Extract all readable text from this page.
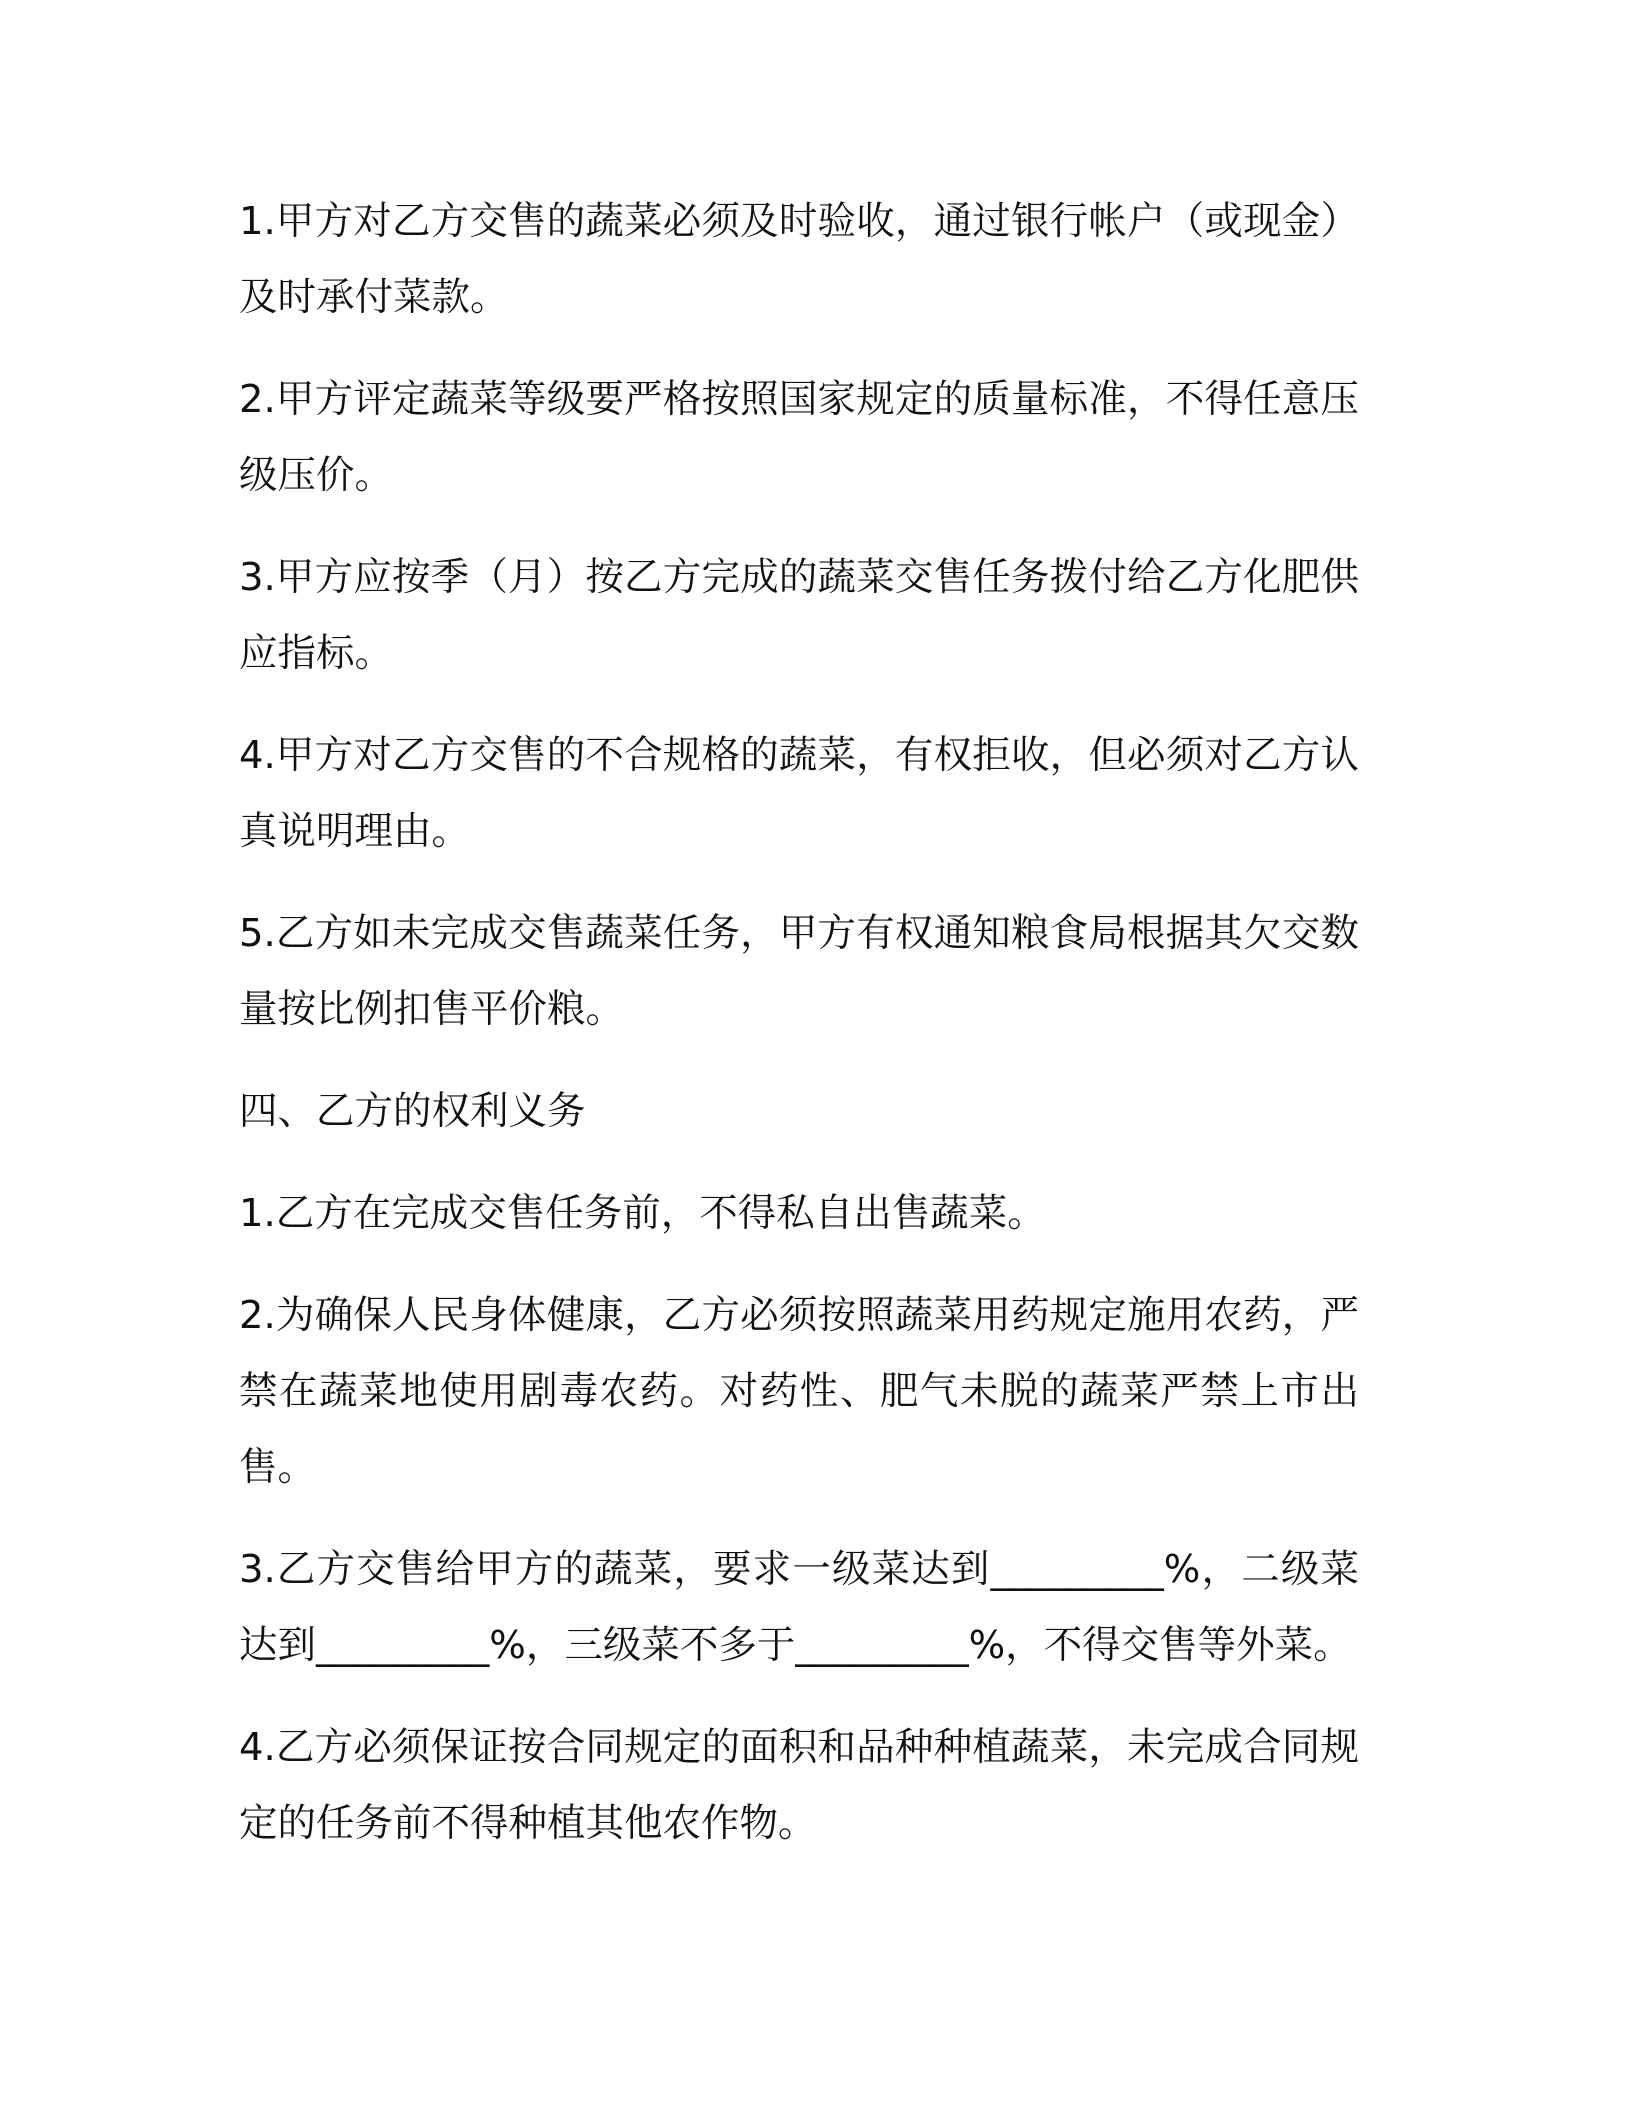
1.甲方对乙方交售的蔬菜必须及时验收，通过银行帐户（或现金）及时承付菜款。

2.甲方评定蔬菜等级要严格按照国家规定的质量标准，不得任意压级压价。

3.甲方应按季（月）按乙方完成的蔬菜交售任务拨付给乙方化肥供应指标。

4.甲方对乙方交售的不合规格的蔬菜，有权拒收，但必须对乙方认真说明理由。

5.乙方如未完成交售蔬菜任务，甲方有权通知粮食局根据其欠交数量按比例扣售平价粮。

四、乙方的权利义务

1.乙方在完成交售任务前，不得私自出售蔬菜。

2.为确保人民身体健康，乙方必须按照蔬菜用药规定施用农药，严禁在蔬菜地使用剧毒农药。对药性、肥气未脱的蔬菜严禁上市出售。

3.乙方交售给甲方的蔬菜，要求一级菜达到_________%，二级菜达到_________%，三级菜不多于_________%，不得交售等外菜。

4.乙方必须保证按合同规定的面积和品种种植蔬菜，未完成合同规定的任务前不得种植其他农作物。
